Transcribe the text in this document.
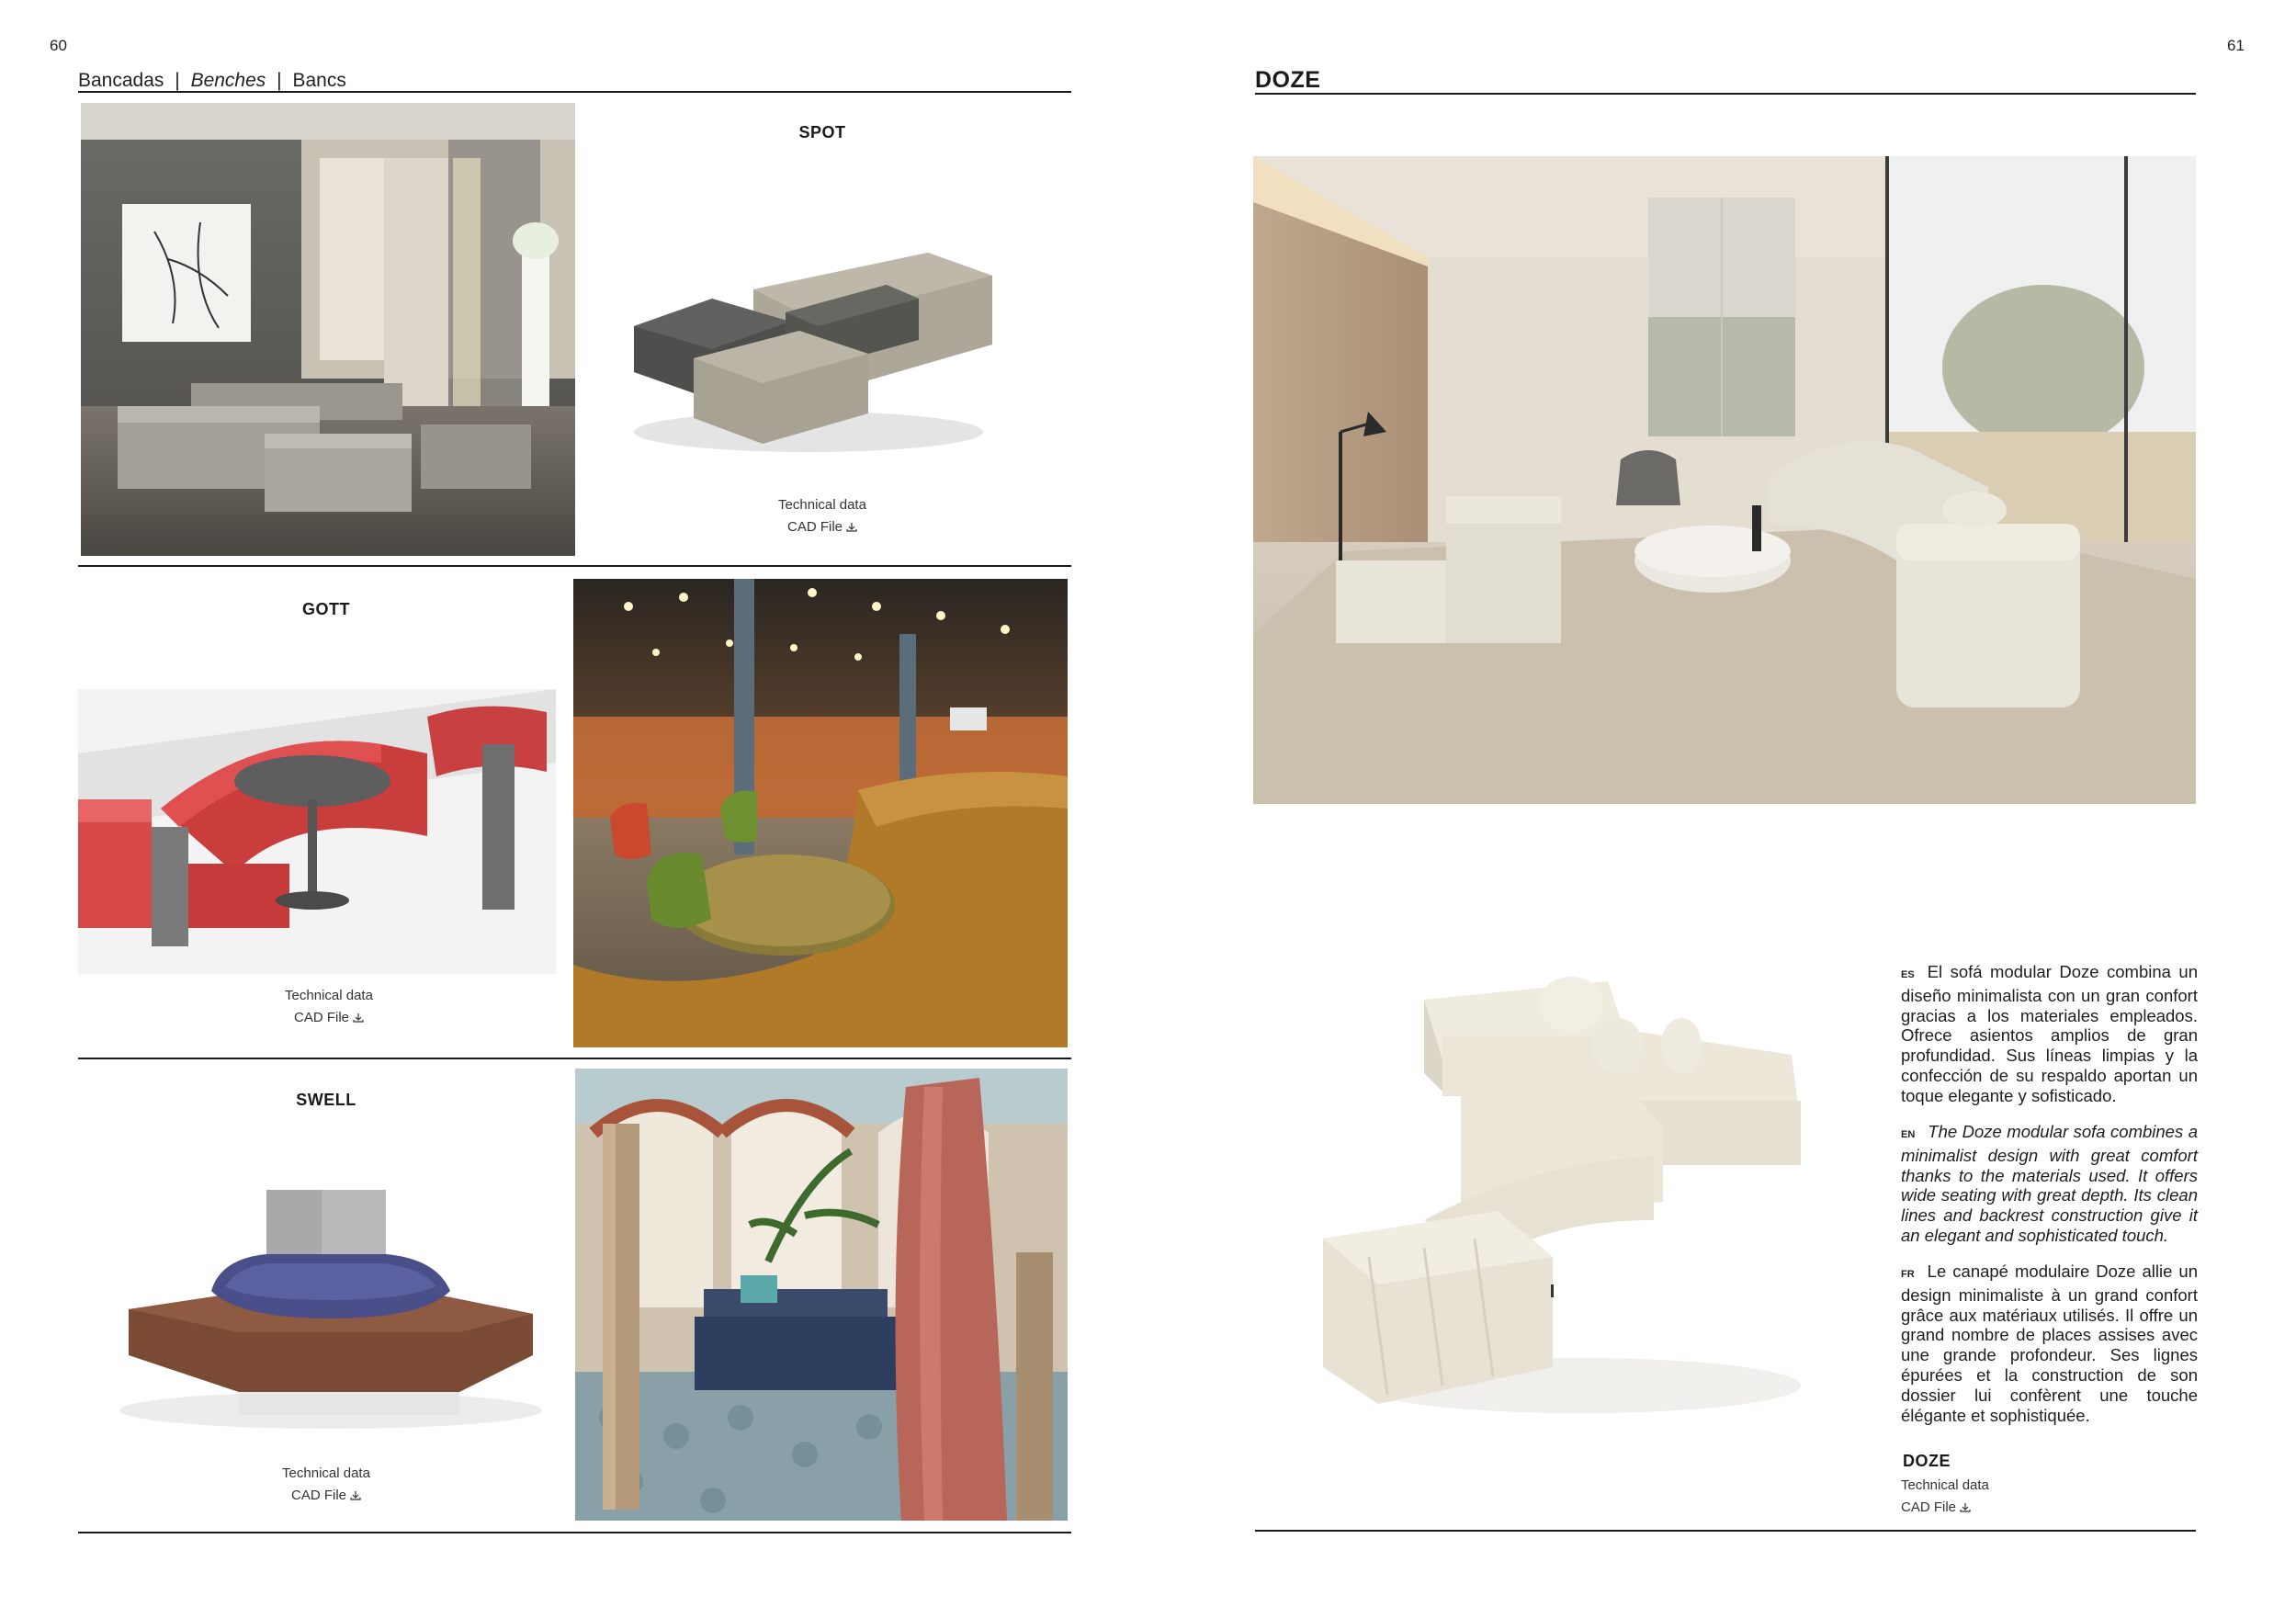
60
Bancadas | Benches | Bancs
SPOT
Technical data
CAD File
GOTT
Technical data
CAD File
SWELL
Technical data
CAD File
61
DOZE
ES El sofá modular Doze combina un diseño minimalista con un gran confort gracias a los materiales empleados. Ofrece asientos amplios de gran profundidad. Sus líneas limpias y la confección de su respaldo aportan un toque elegante y sofisticado.
EN The Doze modular sofa combines a minimalist design with great comfort thanks to the materials used. It offers wide seating with great depth. Its clean lines and backrest construction give it an elegant and sophisticated touch.
FR Le canapé modulaire Doze allie un design minimaliste à un grand confort grâce aux matériaux utilisés. Il offre un grand nombre de places assises avec une grande profondeur. Ses lignes épurées et la construction de son dossier lui confèrent une touche élégante et sophistiquée.
DOZE
Technical data
CAD File
